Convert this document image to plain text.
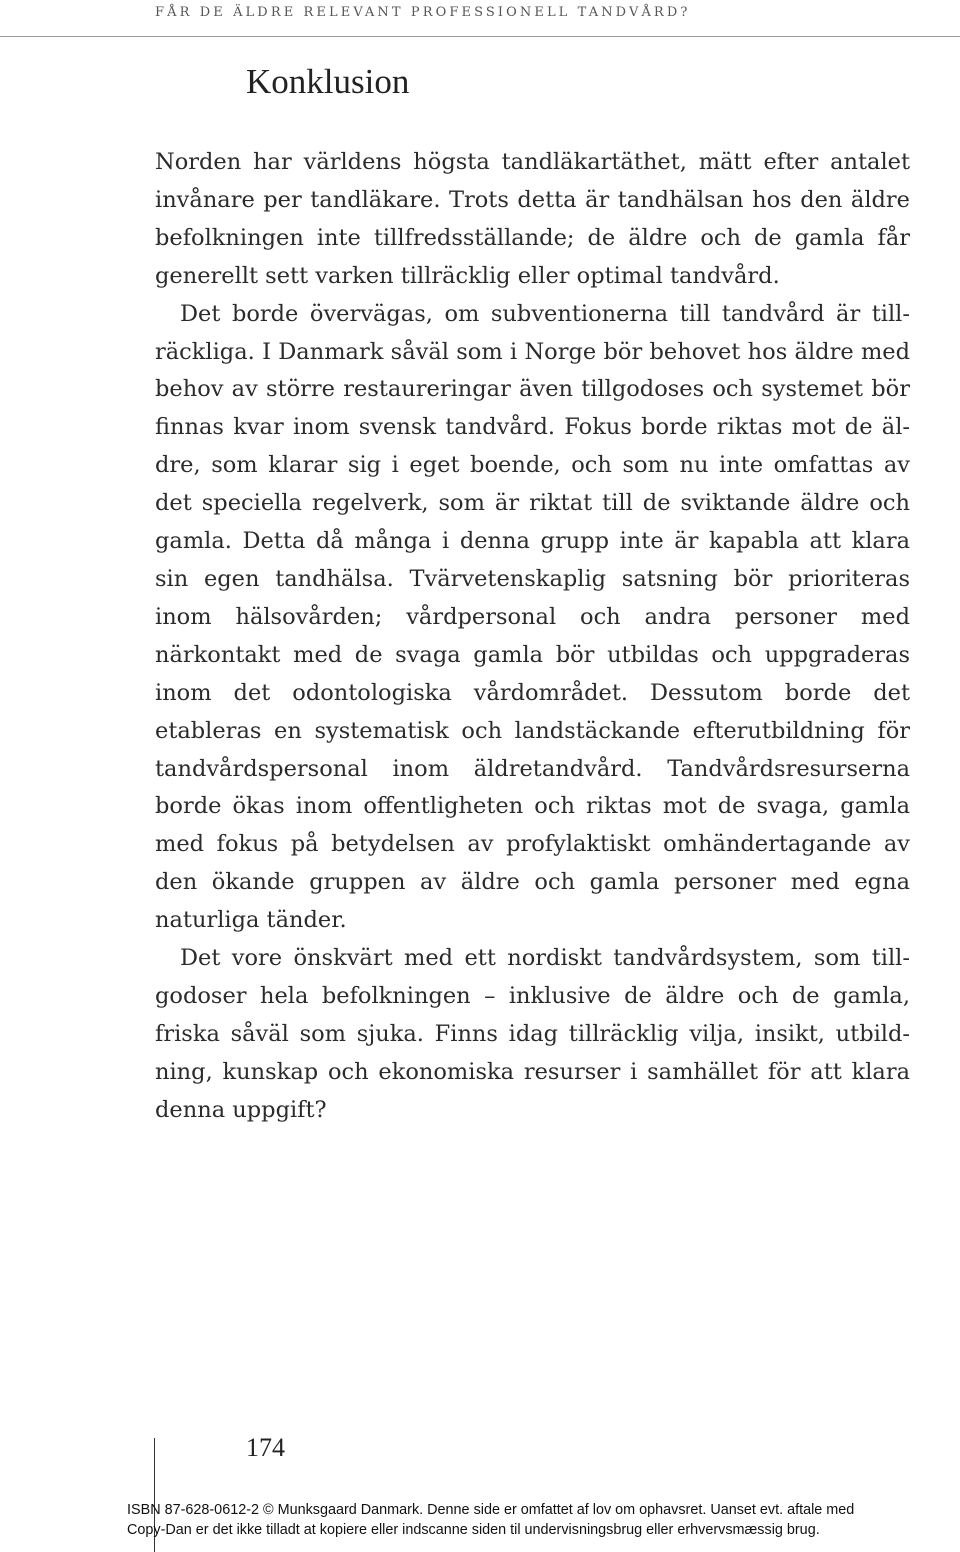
FÅR DE ÄLDRE RELEVANT PROFESSIONELL TANDVÅRD?
Konklusion

Norden har världens högsta tandläkartäthet, mätt efter antalet invånare per tandläkare. Trots detta är tandhälsan hos den äldre befolkningen inte tillfredsställande; de äldre och de gamla får generellt sett varken tillräcklig eller optimal tandvård.

Det borde övervägas, om subventionerna till tandvård är tillräckliga. I Danmark såväl som i Norge bör behovet hos äldre med behov av större restaureringar även tillgodoses och systemet bör finnas kvar inom svensk tandvård. Fokus borde riktas mot de äldre, som klarar sig i eget boende, och som nu inte omfattas av det speciella regelverk, som är riktat till de sviktande äldre och gamla. Detta då många i denna grupp inte är kapabla att klara sin egen tandhälsa. Tvärvetenskaplig satsning bör prioriteras inom hälsovården; vårdpersonal och andra personer med närkontakt med de svaga gamla bör utbildas och uppgraderas inom det odontologiska vårdområdet. Dessutom borde det etableras en systematisk och landstäckande efterutbildning för tandvårdspersonal inom äldretandvård. Tandvårdsresurserna borde ökas inom offentligheten och riktas mot de svaga, gamla med fokus på betydelsen av profylaktiskt omhändertagande av den ökande gruppen av äldre och gamla personer med egna naturliga tänder.

Det vore önskvärt med ett nordiskt tandvårdsystem, som tillgodoser hela befolkningen – inklusive de äldre och de gamla, friska såväl som sjuka. Finns idag tillräcklig vilja, insikt, utbildning, kunskap och ekonomiska resurser i samhället för att klara denna uppgift?

174
ISBN 87-628-0612-2 © Munksgaard Danmark. Denne side er omfattet af lov om ophavsret. Uanset evt. aftale med
Copy-Dan er det ikke tilladt at kopiere eller indscanne siden til undervisningsbrug eller erhvervsmæssig brug.
